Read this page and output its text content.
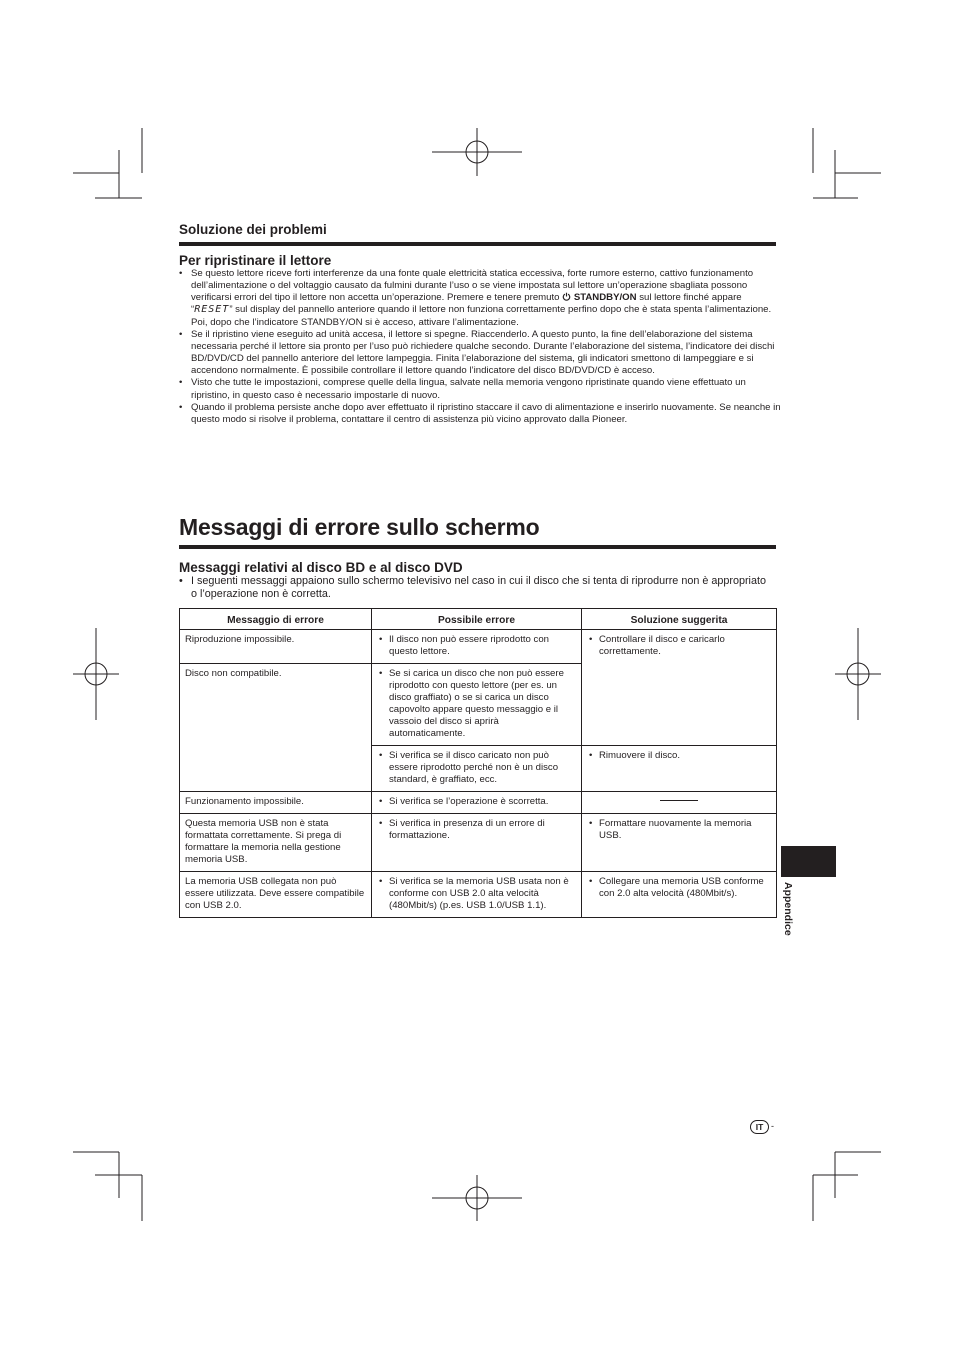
Soluzione dei problemi
Per ripristinare il lettore
• Se questo lettore riceve forti interferenze da una fonte quale elettricità statica eccessiva, forte rumore esterno, cattivo funzionamento dell’alimentazione o del voltaggio causato da fulmini durante l’uso o se viene impostata sul lettore un’operazione sbagliata possono verificarsi errori del tipo il lettore non accetta un’operazione. Premere e tenere premuto  STANDBY/ON sul lettore finché appare “RESET” sul display del pannello anteriore quando il lettore non funziona correttamente perfino dopo che è stata spenta l’alimentazione. Poi, dopo che l’indicatore STANDBY/ON si è acceso, attivare l’alimentazione.
• Se il ripristino viene eseguito ad unità accesa, il lettore si spegne. Riaccenderlo. A questo punto, la fine dell’elaborazione del sistema necessaria perché il lettore sia pronto per l’uso può richiedere qualche secondo. Durante l’elaborazione del sistema, l’indicatore dei dischi BD/DVD/CD del pannello anteriore del lettore lampeggia. Finita l’elaborazione del sistema, gli indicatori smettono di lampeggiare e si accendono normalmente. È possibile controllare il lettore quando l’indicatore del disco BD/DVD/CD è acceso.
• Visto che tutte le impostazioni, comprese quelle della lingua, salvate nella memoria vengono ripristinate quando viene effettuato un ripristino, in questo caso è necessario impostarle di nuovo.
• Quando il problema persiste anche dopo aver effettuato il ripristino staccare il cavo di alimentazione e inserirlo nuovamente. Se neanche in questo modo si risolve il problema, contattare il centro di assistenza più vicino approvato dalla Pioneer.
Messaggi di errore sullo schermo
Messaggi relativi al disco BD e al disco DVD
• I seguenti messaggi appaiono sullo schermo televisivo nel caso in cui il disco che si tenta di riprodurre non è appropriato o l’operazione non è corretta.
Messaggio di errore	Possibile errore	Soluzione suggerita
Riproduzione impossibile.	• Il disco non può essere riprodotto con questo lettore.	• Controllare il disco e caricarlo correttamente.
Disco non compatibile.	• Se si carica un disco che non può essere riprodotto con questo lettore (per es. un disco graffiato) o se si carica un disco capovolto appare questo messaggio e il vassoio del disco si aprirà automaticamente.
	• Si verifica se il disco caricato non può essere riprodotto perché non è un disco standard, è graffiato, ecc.	• Rimuovere il disco.
Funzionamento impossibile.	• Si verifica se l’operazione è scorretta.	

Questa memoria USB non è stata formattata correttamente. Si prega di formattare la memoria nella gestione memoria USB.	• Si verifica in presenza di un errore di formattazione.	• Formattare nuovamente la memoria USB.
La memoria USB collegata non può essere utilizzata. Deve essere compatibile con USB 2.0.	• Si verifica se la memoria USB usata non è conforme con USB 2.0 alta velocità (480Mbit/s) (p.es. USB 1.0/USB 1.1).	• Collegare una memoria USB conforme con 2.0 alta velocità (480Mbit/s).	Appendice
IT -
